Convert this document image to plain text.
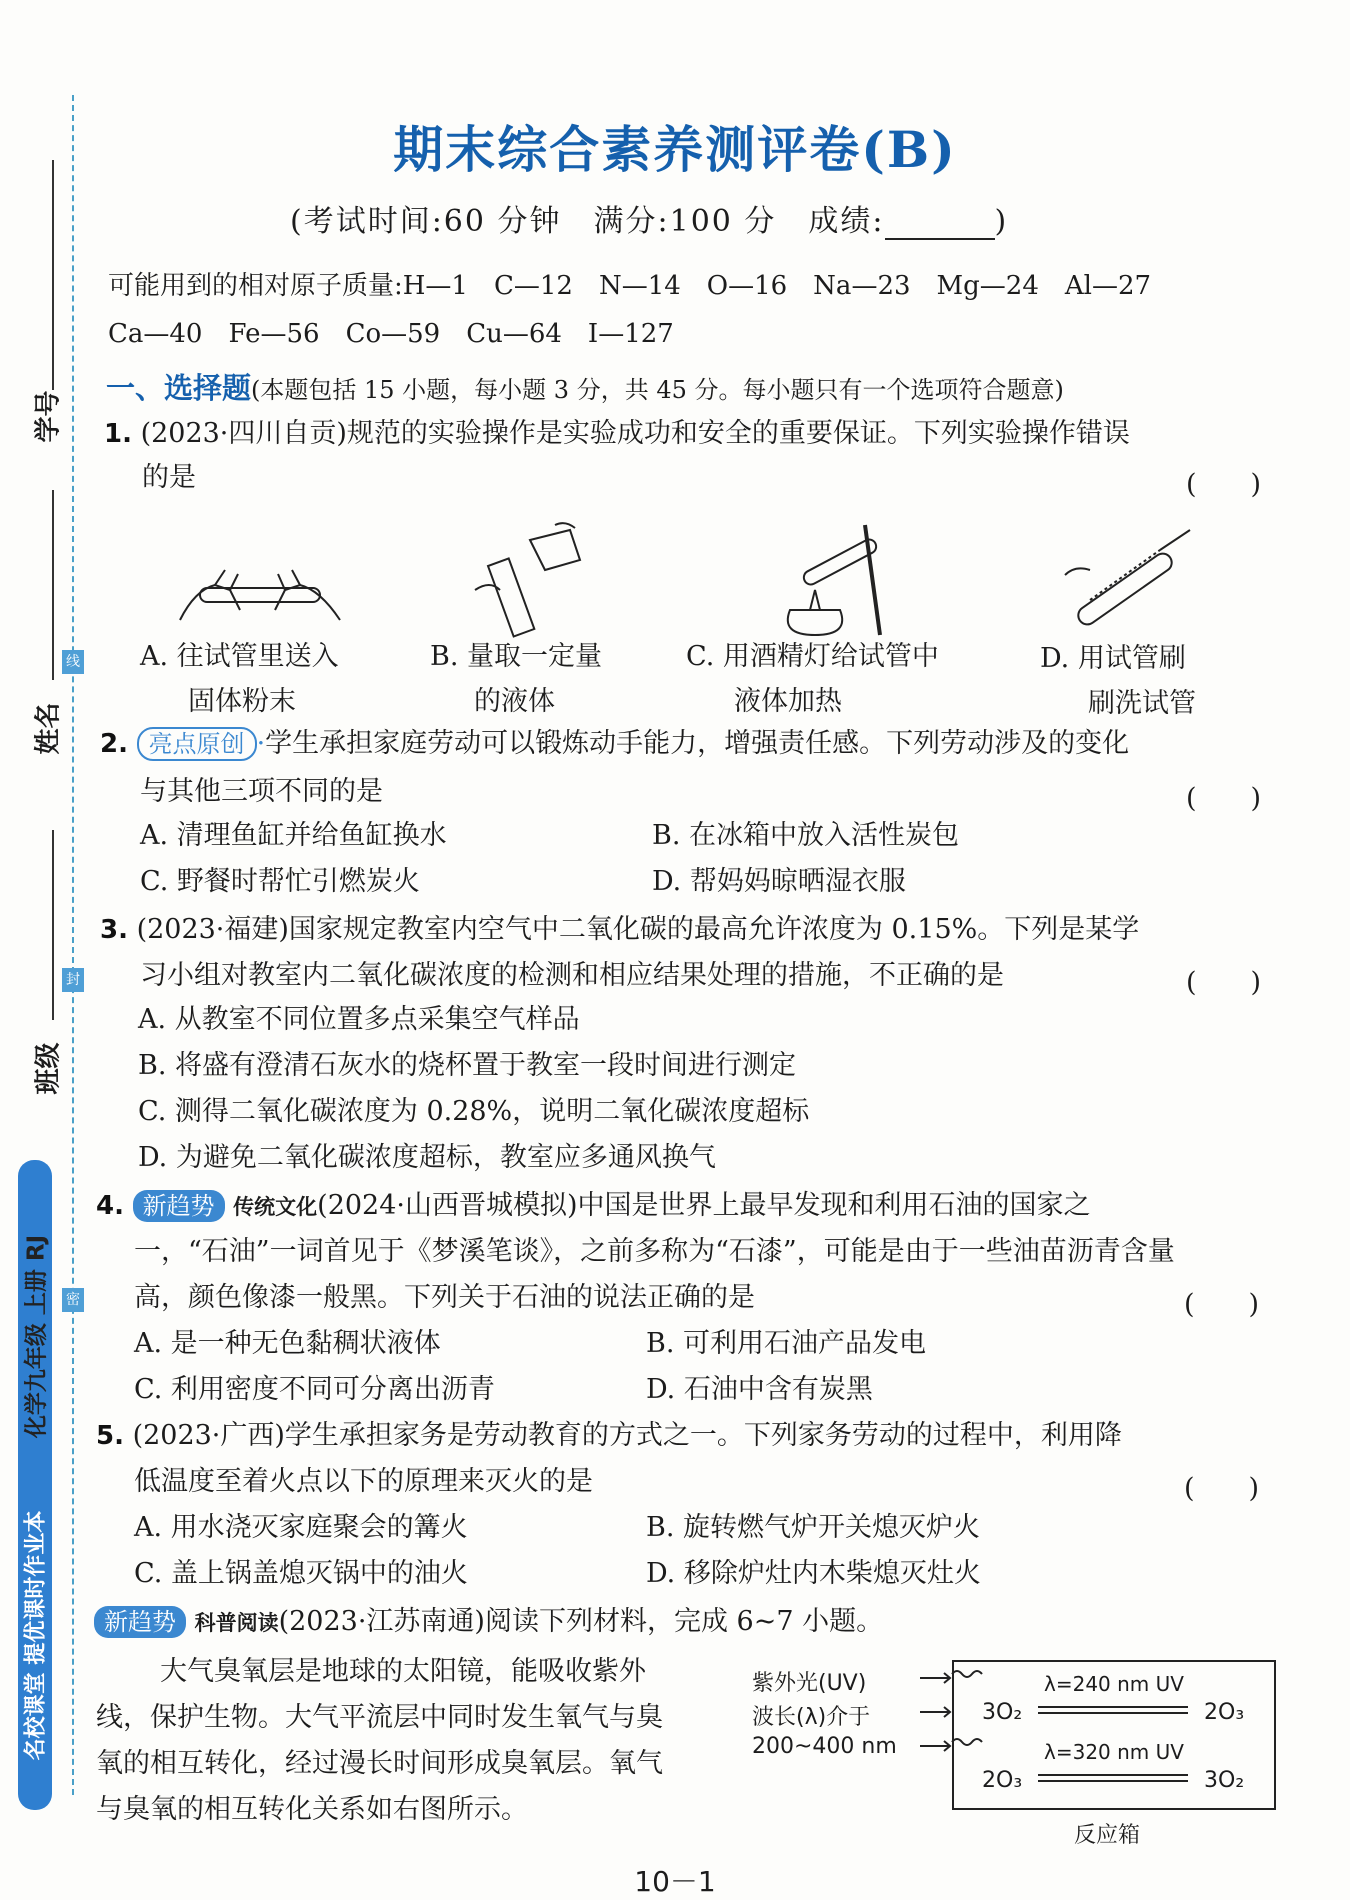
学号
姓名
班级
线
封
密
名校课堂 提优课时作业本
化学九年级 上册 RJ
期末综合素养测评卷(B)
(考试时间:60 分钟　满分:100 分　成绩:	)
可能用到的相对原子质量:H—1　C—12　N—14　O—16　Na—23　Mg—24　Al—27
Ca—40　Fe—56　Co—59　Cu—64　I—127
一、选择题(本题包括 15 小题，每小题 3 分，共 45 分。每小题只有一个选项符合题意)
1. (2023·四川自贡)规范的实验操作是实验成功和安全的重要保证。下列实验操作错误
的是	(　　)
A. 往试管里送入
固体粉末
B. 量取一定量
的液体
C. 用酒精灯给试管中
液体加热
D. 用试管刷
刷洗试管
2. 亮点原创 ·学生承担家庭劳动可以锻炼动手能力，增强责任感。下列劳动涉及的变化
与其他三项不同的是	(　　)
A. 清理鱼缸并给鱼缸换水	B. 在冰箱中放入活性炭包
C. 野餐时帮忙引燃炭火	D. 帮妈妈晾晒湿衣服
3. (2023·福建)国家规定教室内空气中二氧化碳的最高允许浓度为 0.15%。下列是某学
习小组对教室内二氧化碳浓度的检测和相应结果处理的措施，不正确的是	(　　)
A. 从教室不同位置多点采集空气样品
B. 将盛有澄清石灰水的烧杯置于教室一段时间进行测定
C. 测得二氧化碳浓度为 0.28%，说明二氧化碳浓度超标
D. 为避免二氧化碳浓度超标，教室应多通风换气
4. 新趋势 传统文化(2024·山西晋城模拟)中国是世界上最早发现和利用石油的国家之
一，“石油”一词首见于《梦溪笔谈》，之前多称为“石漆”，可能是由于一些油苗沥青含量
高，颜色像漆一般黑。下列关于石油的说法正确的是	(　　)
A. 是一种无色黏稠状液体	B. 可利用石油产品发电
C. 利用密度不同可分离出沥青	D. 石油中含有炭黑
5. (2023·广西)学生承担家务是劳动教育的方式之一。下列家务劳动的过程中，利用降
低温度至着火点以下的原理来灭火的是	(　　)
A. 用水浇灭家庭聚会的篝火	B. 旋转燃气炉开关熄灭炉火
C. 盖上锅盖熄灭锅中的油火	D. 移除炉灶内木柴熄灭灶火
新趋势 科普阅读(2023·江苏南通)阅读下列材料，完成 6~7 小题。
大气臭氧层是地球的太阳镜，能吸收紫外
线，保护生物。大气平流层中同时发生氧气与臭
氧的相互转化，经过漫长时间形成臭氧层。氧气
与臭氧的相互转化关系如右图所示。
紫外光(UV)
波长(λ)介于
200~400 nm
3O₂
λ=240 nm UV
2O₃
2O₃
λ=320 nm UV
3O₂
反应箱
10－1
